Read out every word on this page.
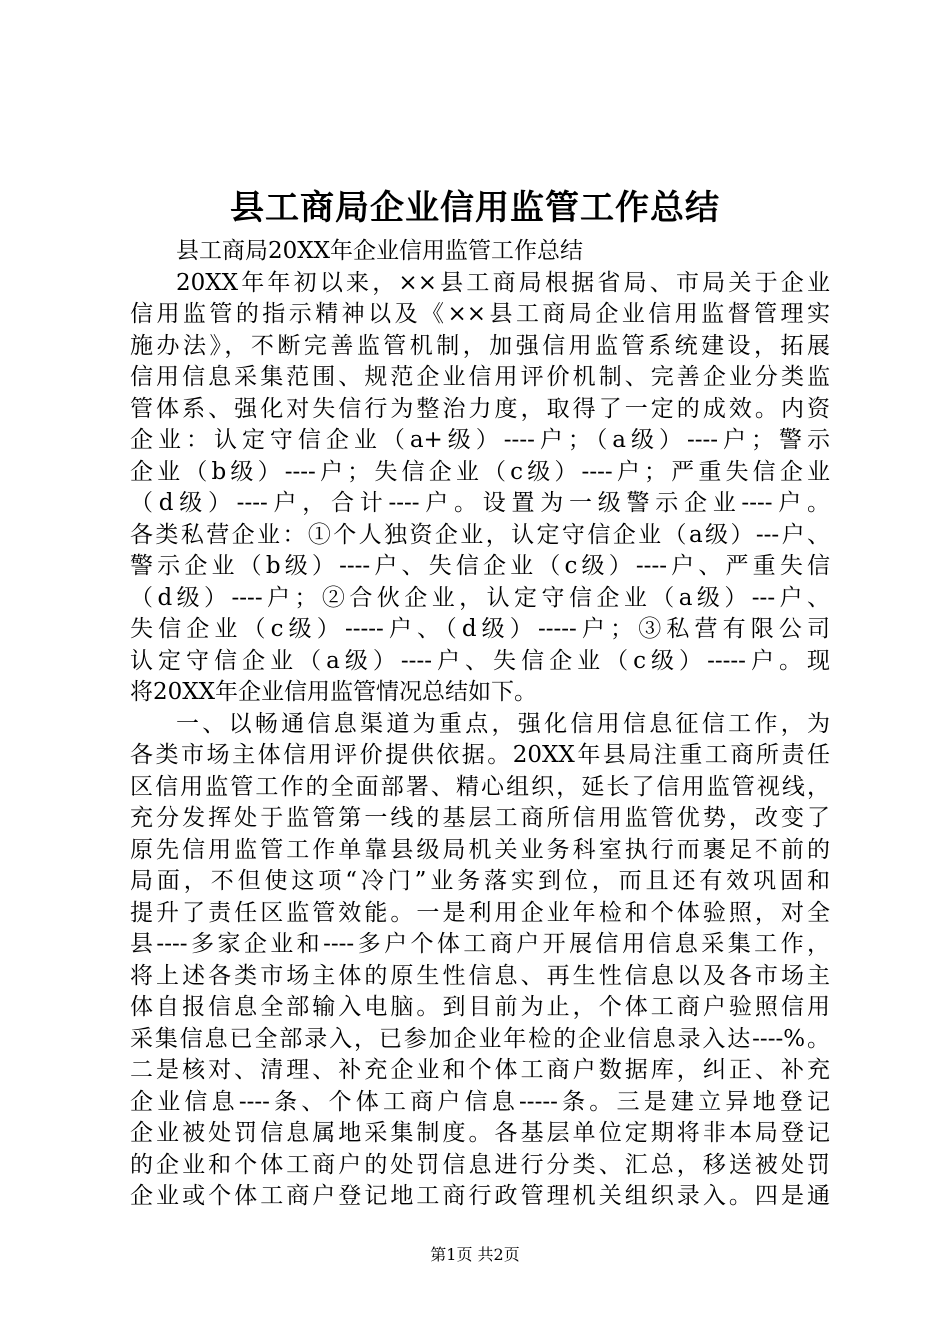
县工商局企业信用监管工作总结
县工商局20XX年企业信用监管工作总结
20XX年年初以来，××县工商局根据省局、市局关于企业
信用监管的指示精神以及《××县工商局企业信用监督管理实
施办法》，不断完善监管机制，加强信用监管系统建设，拓展
信用信息采集范围、规范企业信用评价机制、完善企业分类监
管体系、强化对失信行为整治力度，取得了一定的成效。内资
企业：认定守信企业（a+级）----户；（a级）----户；警示
企业（b级）----户；失信企业（c级）----户；严重失信企业
（d级）----户，合计----户。设置为一级警示企业----户。
各类私营企业：①个人独资企业，认定守信企业（a级）---户、
警示企业（b级）----户、失信企业（c级）----户、严重失信
（d级）----户；②合伙企业，认定守信企业（a级）---户、
失信企业（c级）-----户、（d级）-----户；③私营有限公司
认定守信企业（a级）----户、失信企业（c级）-----户。现
将20XX年企业信用监管情况总结如下。
一、以畅通信息渠道为重点，强化信用信息征信工作，为
各类市场主体信用评价提供依据。20XX年县局注重工商所责任
区信用监管工作的全面部署、精心组织，延长了信用监管视线，
充分发挥处于监管第一线的基层工商所信用监管优势，改变了
原先信用监管工作单靠县级局机关业务科室执行而裹足不前的
局面，不但使这项“冷门”业务落实到位，而且还有效巩固和
提升了责任区监管效能。一是利用企业年检和个体验照，对全
县----多家企业和----多户个体工商户开展信用信息采集工作，
将上述各类市场主体的原生性信息、再生性信息以及各市场主
体自报信息全部输入电脑。到目前为止，个体工商户验照信用
采集信息已全部录入，已参加企业年检的企业信息录入达----%。
二是核对、清理、补充企业和个体工商户数据库，纠正、补充
企业信息----条、个体工商户信息-----条。三是建立异地登记
企业被处罚信息属地采集制度。各基层单位定期将非本局登记
的企业和个体工商户的处罚信息进行分类、汇总，移送被处罚
企业或个体工商户登记地工商行政管理机关组织录入。四是通
第1页 共2页
